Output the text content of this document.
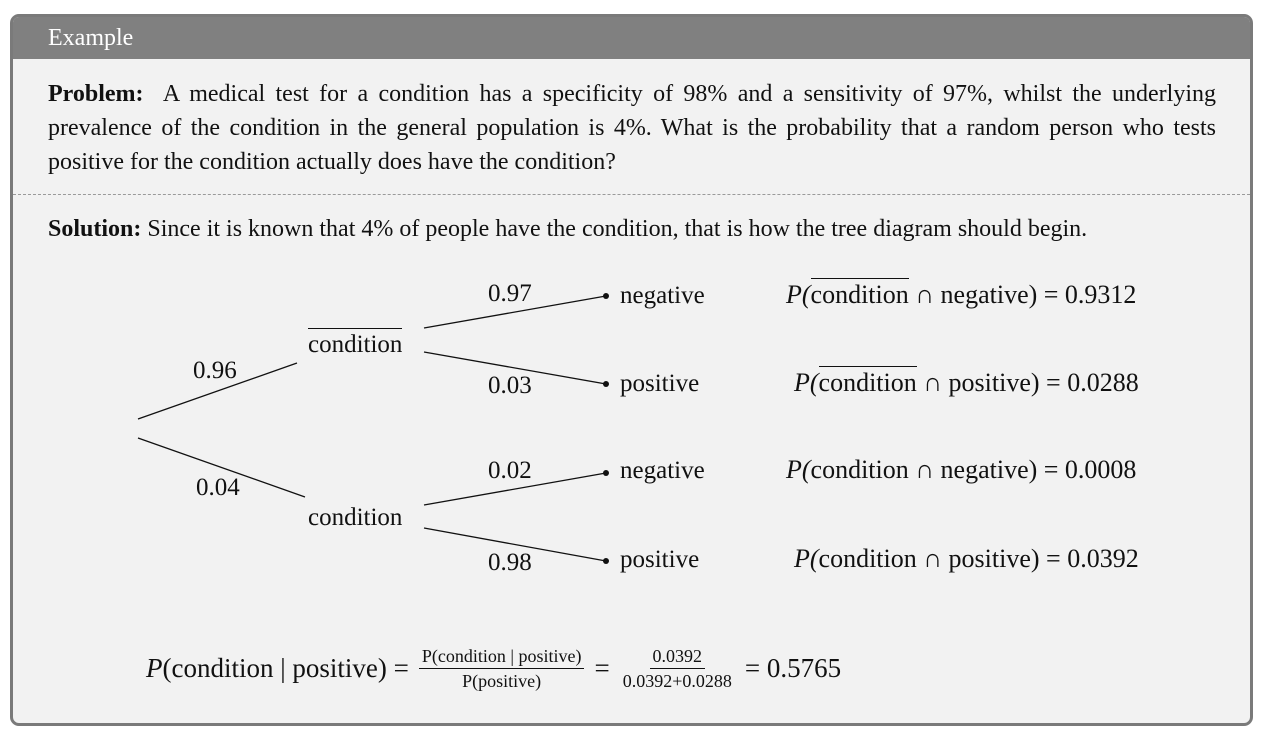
Example
Problem: A medical test for a condition has a specificity of 98% and a sensitivity of 97%, whilst the underlying prevalence of the condition in the general population is 4%. What is the probability that a random person who tests positive for the condition actually does have the condition?
Solution: Since it is known that 4% of people have the condition, that is how the tree diagram should begin.
0.96
0.04
condition
condition
0.97
0.03
0.02
0.98
negative
positive
negative
positive
P(condition ∩ negative) = 0.9312
P(condition ∩ positive) = 0.0288
P(condition ∩ negative) = 0.0008
P(condition ∩ positive) = 0.0392
P (condition | positive) = $\frac{\text{P(condition | positive)}}{\text{P(positive)}} = \frac{0.0392}{0.0392+0.0288} = 0.5765$
